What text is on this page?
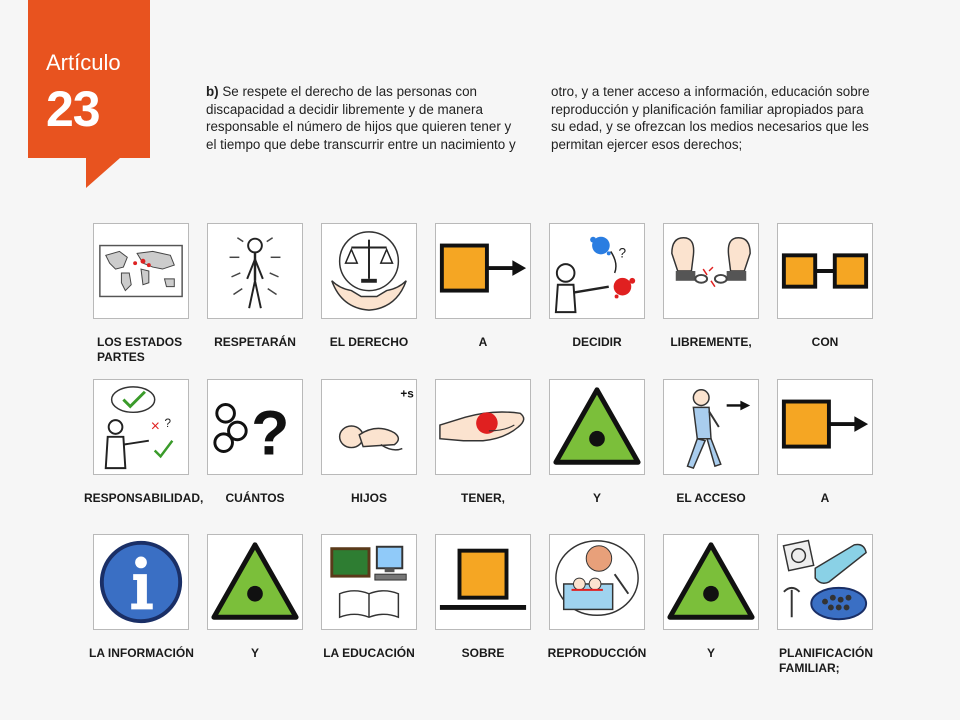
Artículo
23	b) Se respete el derecho de las personas con
discapacidad a decidir libremente y de manera
responsable el número de hijos que quieren tener y
el tiempo que debe transcurrir entre un nacimiento y
otro, y a tener acceso a información, educación sobre
reproducción y planificación familiar apropiados para
su edad, y se ofrezcan los medios necesarios que les
permitan ejercer esos derechos;
?
LOS ESTADOS PARTES
RESPETARÁN	EL DERECHO	A	DECIDIR	LIBREMENTE,	CON
× ? ?
+s
RESPONSABILIDAD,	CUÁNTOS	HIJOS	TENER,	Y	EL ACCESO	A
LA INFORMACIÓN	Y	LA EDUCACIÓN	SOBRE	REPRODUCCIÓN	Y	PLANIFICACIÓN FAMILIAR;
